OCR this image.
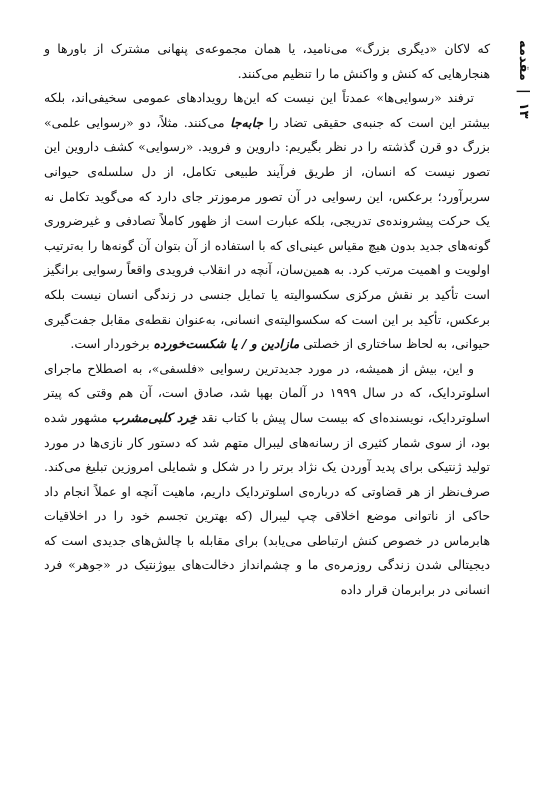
۱۳ | مقدمه

که لاکان «دیگری بزرگ» می‌نامید، یا همان مجموعه‌ی پنهانی مشترک از باورها و هنجارهایی که کنش و واکنش ما را تنظیم می‌کنند.

ترفند «رسوایی‌ها» عمدتاً این نیست که این‌ها رویدادهای عمومی سخیفی‌اند، بلکه بیشتر این است که جنبه‌ی حقیقی تضاد را جابه‌جا می‌کنند. مثلاً، دو «رسوایی علمی» بزرگ دو قرن گذشته را در نظر بگیریم: داروین و فروید. «رسوایی» کشف داروین این تصور نیست که انسان، از طریق فرآیند طبیعی تکامل، از دل سلسله‌ی حیوانی سربرآورد؛ برعکس، این رسوایی در آن تصور مرموزتر جای دارد که می‌گوید تکامل نه یک حرکت پیشرونده‌ی تدریجی، بلکه عبارت است از ظهور کاملاً تصادفی و غیرضروری گونه‌های جدید بدون هیچ مقیاس عینی‌ای که با استفاده از آن بتوان آن گونه‌ها را به‌ترتیب اولویت و اهمیت مرتب کرد. به همین‌سان، آنچه در انقلاب فرویدی واقعاً رسوایی برانگیز است تأکید بر نقش مرکزی سکسوالیته یا تمایل جنسی در زندگی انسان نیست بلکه برعکس، تأکید بر این است که سکسوالیته‌ی انسانی، به‌عنوان نقطه‌ی مقابل جفت‌گیری حیوانی، به لحاظ ساختاری از خصلتی مازادین و / یا شکست‌خورده برخوردار است.

و این، بیش از همیشه، در مورد جدیدترین رسوایی «فلسفی»، به اصطلاح ماجرای اسلوتردایک، که در سال ۱۹۹۹ در آلمان بهپا شد، صادق است، آن هم وقتی که پیتر اسلوتردایک، نویسنده‌ای که بیست سال پیش با کتاب نقد خِرد کلبی‌مشرب مشهور شده بود، از سوی شمار کثیری از رسانه‌های لیبرال متهم شد که دستور کار نازی‌ها در مورد تولید ژنتیکی برای پدید آوردن یک نژاد برتر را در شکل و شمایلی امروزین تبلیغ می‌کند. صرف‌نظر از هر قضاوتی که درباره‌ی اسلوتردایک داریم، ماهیت آنچه او عملاً انجام داد حاکی از ناتوانی موضع اخلاقی چپ لیبرال (که بهترین تجسم خود را در اخلاقیات هابرماس در خصوص کنش ارتباطی می‌یابد) برای مقابله با چالش‌های جدیدی است که دیجیتالی شدن زندگی روزمره‌ی ما و چشم‌انداز دخالت‌های بیوژنتیک در «جوهر» فرد انسانی در برابرمان قرار داده
